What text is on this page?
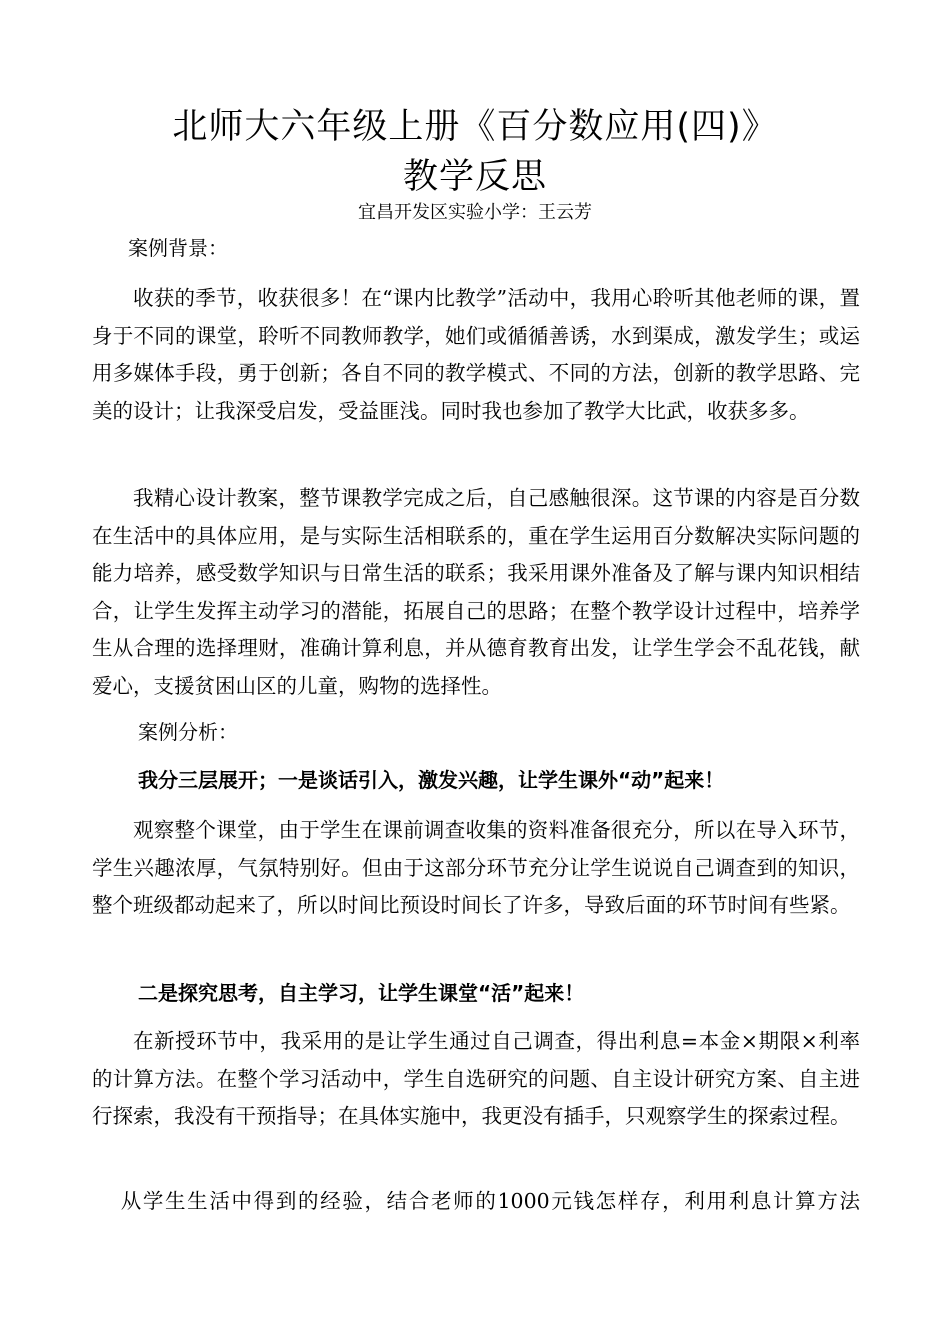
北师大六年级上册《百分数应用(四)》
教学反思
宜昌开发区实验小学：王云芳
案例背景：
收获的季节，收获很多！在“课内比教学”活动中，我用心聆听其他老师的课，置身于不同的课堂，聆听不同教师教学，她们或循循善诱，水到渠成，激发学生；或运用多媒体手段，勇于创新；各自不同的教学模式、不同的方法，创新的教学思路、完美的设计；让我深受启发，受益匪浅。同时我也参加了教学大比武，收获多多。
我精心设计教案，整节课教学完成之后，自己感触很深。这节课的内容是百分数在生活中的具体应用，是与实际生活相联系的，重在学生运用百分数解决实际问题的能力培养，感受数学知识与日常生活的联系；我采用课外准备及了解与课内知识相结合，让学生发挥主动学习的潜能，拓展自己的思路；在整个教学设计过程中，培养学生从合理的选择理财，准确计算利息，并从德育教育出发，让学生学会不乱花钱，献爱心，支援贫困山区的儿童，购物的选择性。
案例分析：
我分三层展开；一是谈话引入，激发兴趣，让学生课外“动”起来！
观察整个课堂，由于学生在课前调查收集的资料准备很充分，所以在导入环节，学生兴趣浓厚，气氛特别好。但由于这部分环节充分让学生说说自己调查到的知识，整个班级都动起来了，所以时间比预设时间长了许多，导致后面的环节时间有些紧。
二是探究思考，自主学习，让学生课堂“活”起来！
在新授环节中，我采用的是让学生通过自己调查，得出利息=本金×期限×利率的计算方法。在整个学习活动中，学生自选研究的问题、自主设计研究方案、自主进行探索，我没有干预指导；在具体实施中，我更没有插手，只观察学生的探索过程。
从学生生活中得到的经验，结合老师的1000元钱怎样存，利用利息计算方法
